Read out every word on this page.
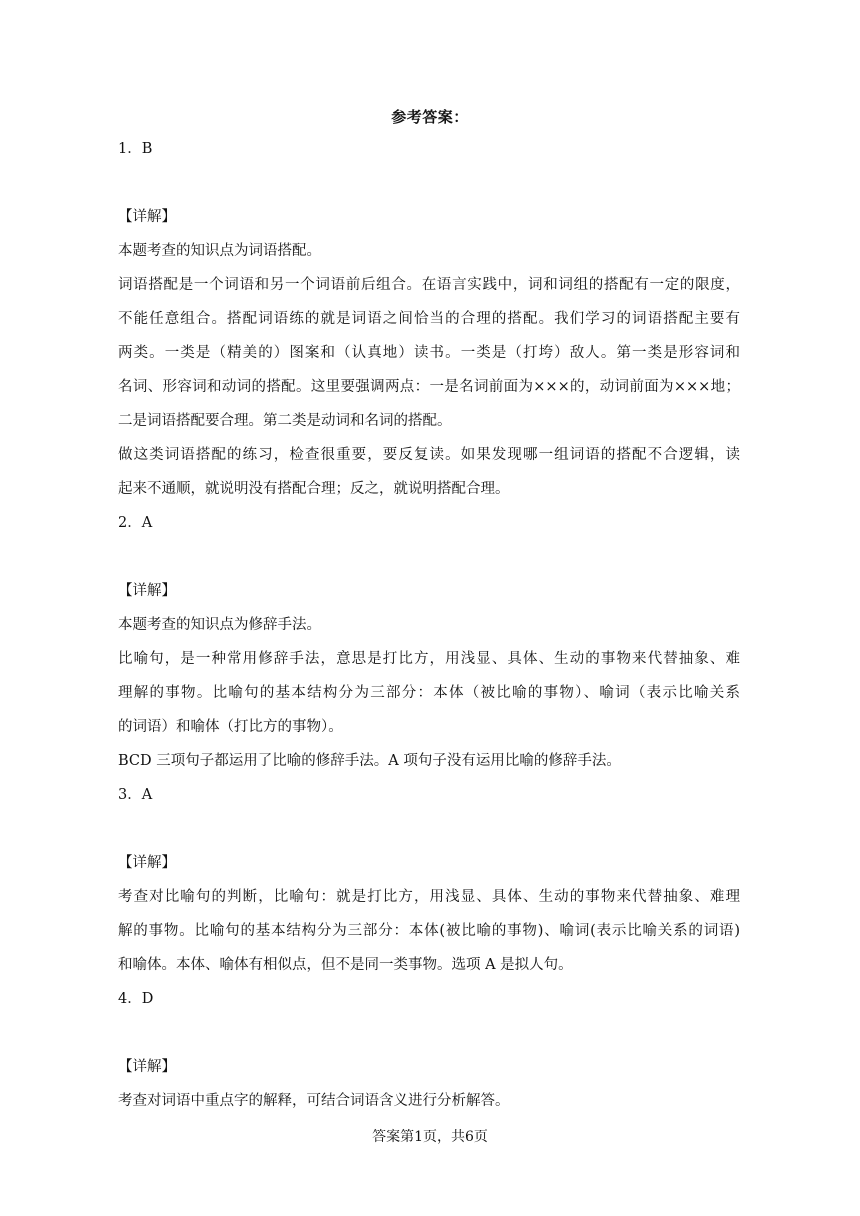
参考答案：
1．B
【详解】
本题考查的知识点为词语搭配。
词语搭配是一个词语和另一个词语前后组合。在语言实践中，词和词组的搭配有一定的限度，
不能任意组合。搭配词语练的就是词语之间恰当的合理的搭配。我们学习的词语搭配主要有
两类。一类是（精美的）图案和（认真地）读书。一类是（打垮）敌人。第一类是形容词和
名词、形容词和动词的搭配。这里要强调两点：一是名词前面为×××的，动词前面为×××地；
二是词语搭配要合理。第二类是动词和名词的搭配。
做这类词语搭配的练习，检查很重要，要反复读。如果发现哪一组词语的搭配不合逻辑，读
起来不通顺，就说明没有搭配合理；反之，就说明搭配合理。
2．A
【详解】
本题考查的知识点为修辞手法。
比喻句，是一种常用修辞手法，意思是打比方，用浅显、具体、生动的事物来代替抽象、难
理解的事物。比喻句的基本结构分为三部分：本体（被比喻的事物）、喻词（表示比喻关系
的词语）和喻体（打比方的事物）。
BCD 三项句子都运用了比喻的修辞手法。A 项句子没有运用比喻的修辞手法。
3．A
【详解】
考查对比喻句的判断，比喻句：就是打比方，用浅显、具体、生动的事物来代替抽象、难理
解的事物。比喻句的基本结构分为三部分：本体(被比喻的事物)、喻词(表示比喻关系的词语)
和喻体。本体、喻体有相似点，但不是同一类事物。选项 A 是拟人句。
4．D
【详解】
考查对词语中重点字的解释，可结合词语含义进行分析解答。
答案第1页，共6页
